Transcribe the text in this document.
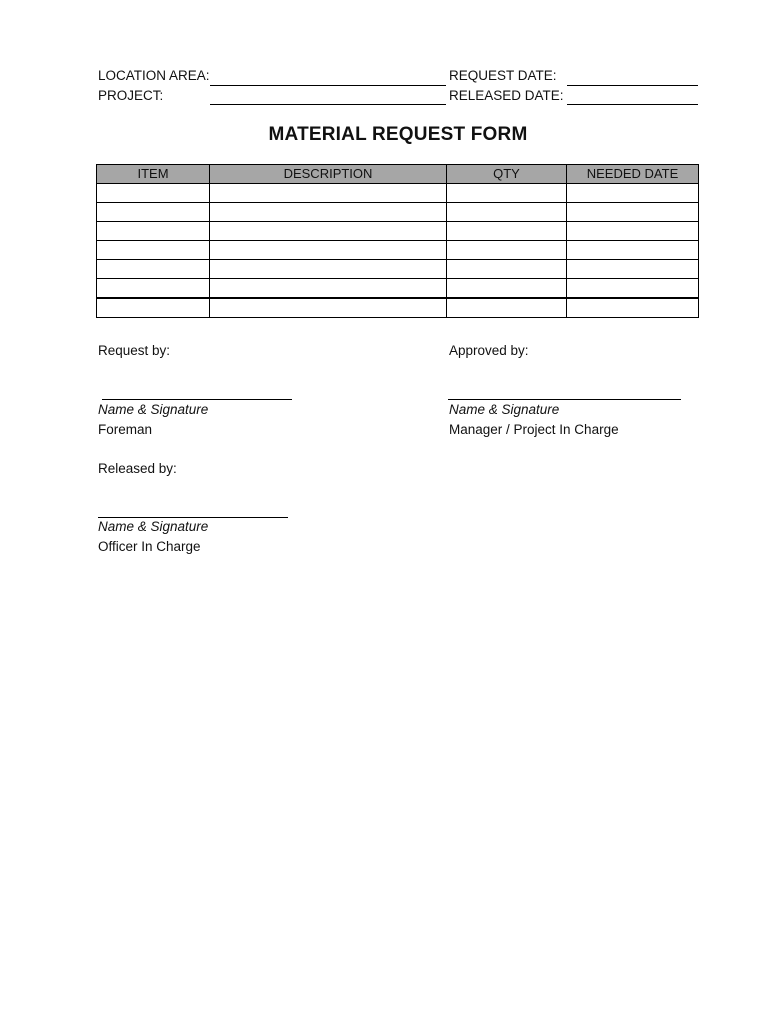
LOCATION AREA:
PROJECT:
REQUEST DATE:
RELEASED DATE:
MATERIAL REQUEST FORM
ITEM	DESCRIPTION	QTY	NEEDED DATE

Request by:
Name & Signature
Foreman
Approved by:
Name & Signature
Manager / Project In Charge
Released by:
Name & Signature
Officer In Charge
